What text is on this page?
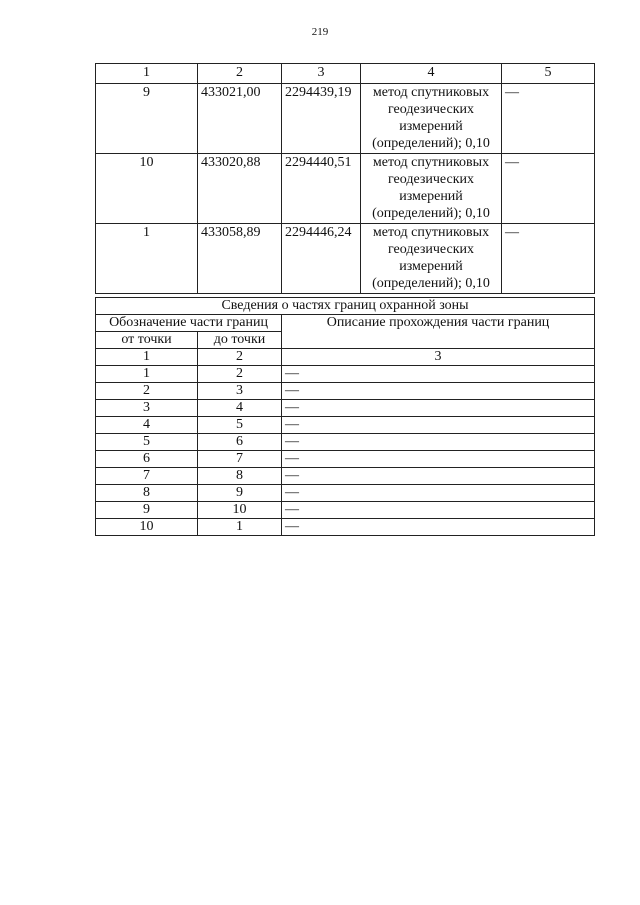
219
1	2	3	4	5
9	433021,00	2294439,19	метод спутниковых геодезических измерений (определений); 0,10	—
10	433020,88	2294440,51	метод спутниковых геодезических измерений (определений); 0,10	—
1	433058,89	2294446,24	метод спутниковых геодезических измерений (определений); 0,10	—
Сведения о частях границ охранной зоны		
Обозначение части границ		Описание прохождения части границ
от точки	до точки	
1	2	3
1	2	—
2	3	—
3	4	—
4	5	—
5	6	—
6	7	—
7	8	—
8	9	—
9	10	—
10	1	—
